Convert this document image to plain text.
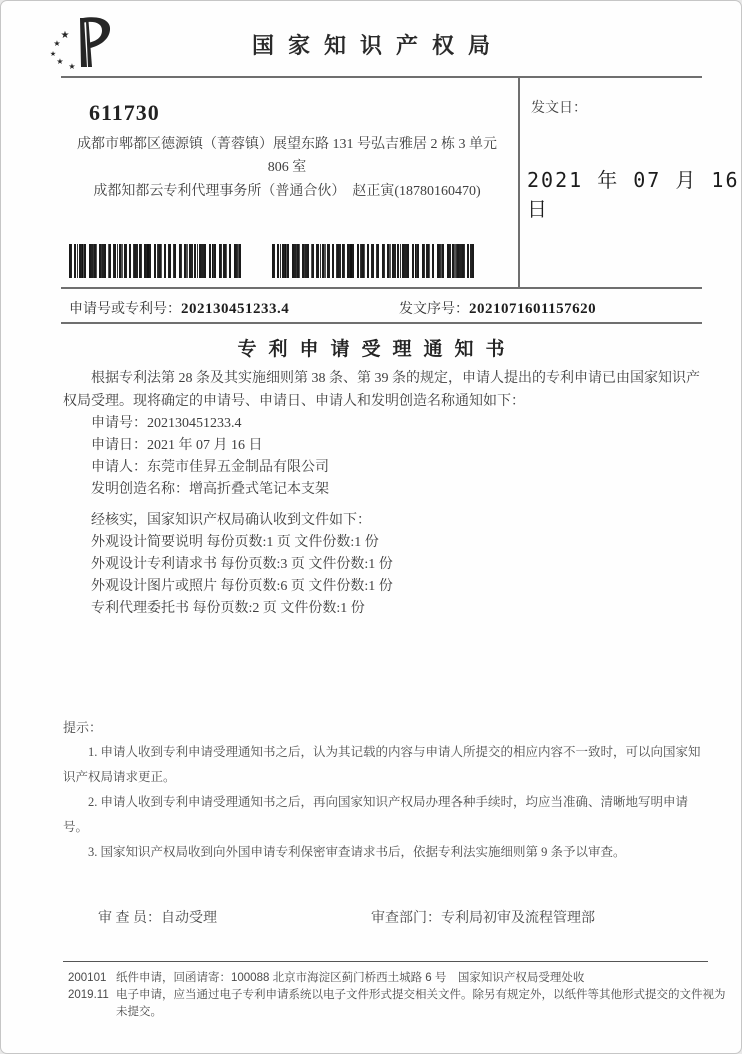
★
★
★
★
★
国家知识产权局
611730
成都市郫都区德源镇（菁蓉镇）展望东路 131 号弘吉雅居 2 栋 3 单元
806 室
成都知都云专利代理事务所（普通合伙）　赵正寅(18780160470)
发文日：
2021 年 07 月 16 日
申请号或专利号：202130451233.4	发文序号：2021071601157620
专利申请受理通知书

根据专利法第 28 条及其实施细则第 38 条、第 39 条的规定，申请人提出的专利申请已由国家知识产权局受理。现将确定的申请号、申请日、申请人和发明创造名称通知如下：

申请号：202130451233.4

申请日：2021 年 07 月 16 日

申请人：东莞市佳昇五金制品有限公司

发明创造名称：增高折叠式笔记本支架

经核实，国家知识产权局确认收到文件如下：

外观设计简要说明 每份页数:1 页 文件份数:1 份

外观设计专利请求书 每份页数:3 页 文件份数:1 份

外观设计图片或照片 每份页数:6 页 文件份数:1 份

专利代理委托书 每份页数:2 页 文件份数:1 份

提示：

1. 申请人收到专利申请受理通知书之后，认为其记载的内容与申请人所提交的相应内容不一致时，可以向国家知识产权局请求更正。

2. 申请人收到专利申请受理通知书之后，再向国家知识产权局办理各种手续时，均应当准确、清晰地写明申请号。

3. 国家知识产权局收到向外国申请专利保密审查请求书后，依据专利法实施细则第 9 条予以审查。

审 查 员：自动受理	审查部门：专利局初审及流程管理部
200101 纸件申请，回函请寄：100088 北京市海淀区蓟门桥西土城路 6 号　国家知识产权局受理处收
2019.11 电子申请，应当通过电子专利申请系统以电子文件形式提交相关文件。除另有规定外，以纸件等其他形式提交的文件视为未提交。
